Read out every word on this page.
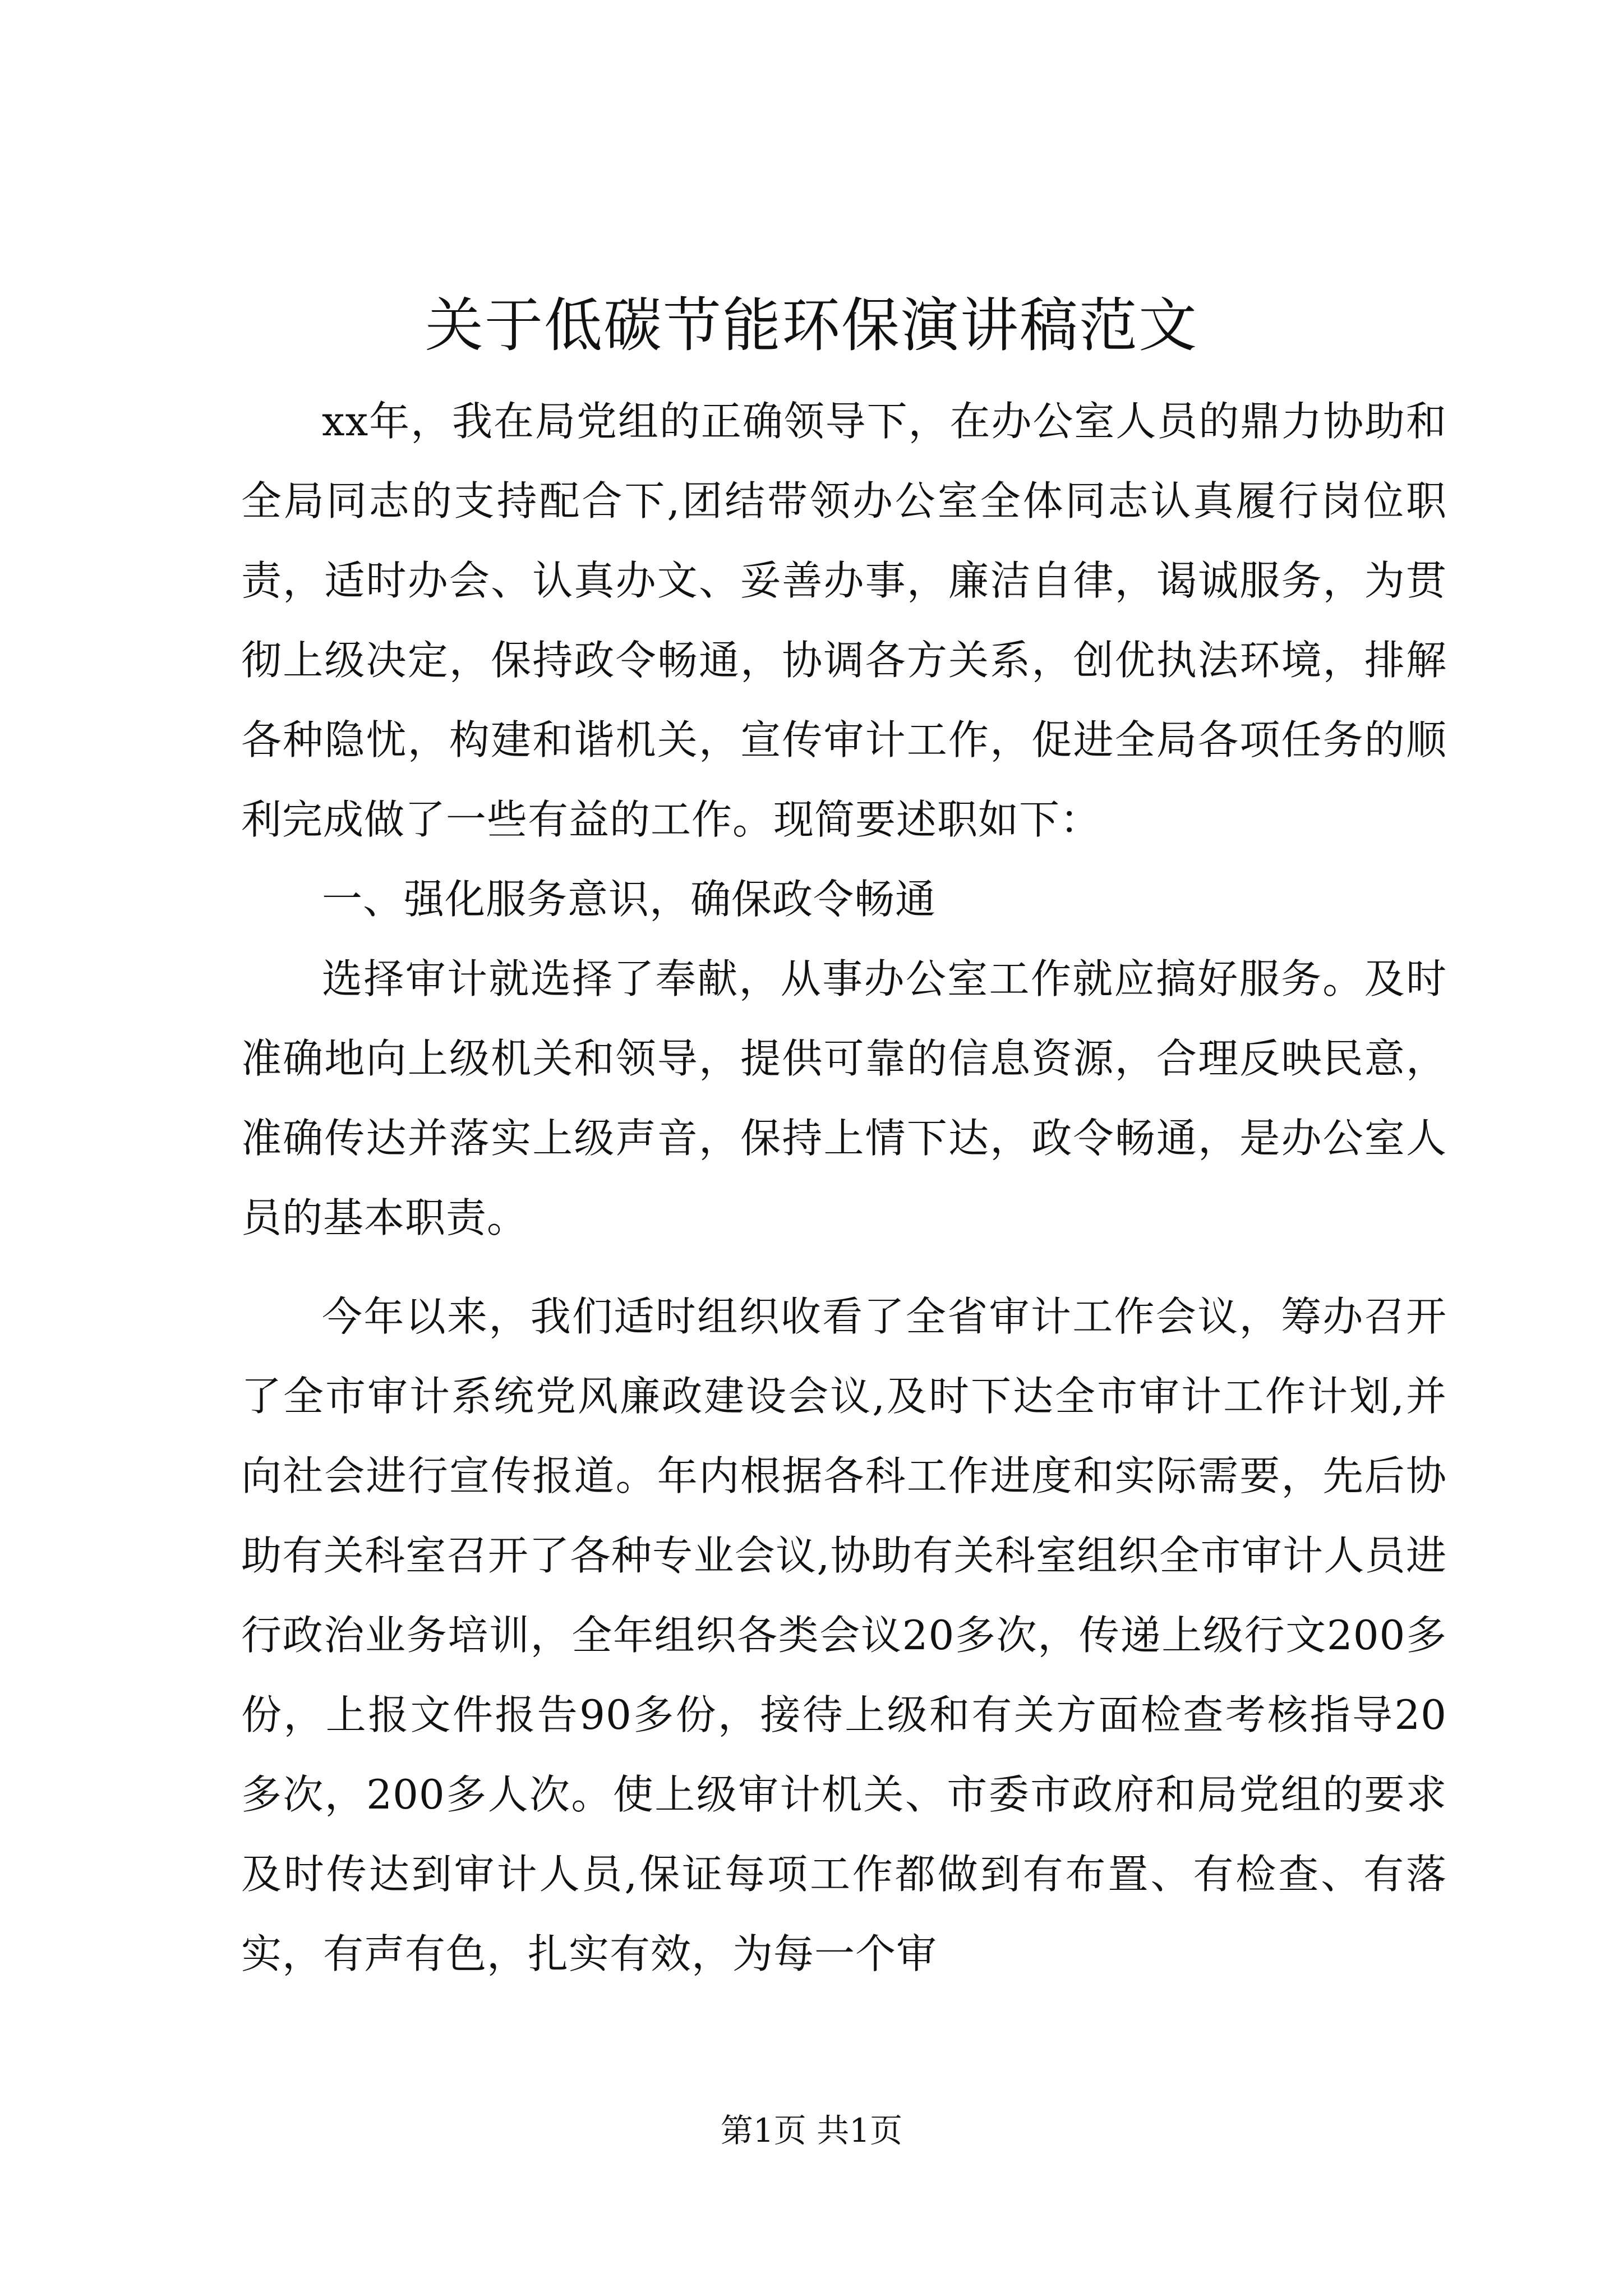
关于低碳节能环保演讲稿范文

xx年，我在局党组的正确领导下，在办公室人员的鼎力协助和全局同志的支持配合下,团结带领办公室全体同志认真履行岗位职责，适时办会、认真办文、妥善办事，廉洁自律，谒诚服务，为贯彻上级决定，保持政令畅通，协调各方关系，创优执法环境，排解各种隐忧，构建和谐机关，宣传审计工作，促进全局各项任务的顺利完成做了一些有益的工作。现简要述职如下：

一、强化服务意识，确保政令畅通

选择审计就选择了奉献，从事办公室工作就应搞好服务。及时准确地向上级机关和领导，提供可靠的信息资源，合理反映民意，准确传达并落实上级声音，保持上情下达，政令畅通，是办公室人员的基本职责。

今年以来，我们适时组织收看了全省审计工作会议，筹办召开了全市审计系统党风廉政建设会议,及时下达全市审计工作计划,并向社会进行宣传报道。年内根据各科工作进度和实际需要，先后协助有关科室召开了各种专业会议,协助有关科室组织全市审计人员进行政治业务培训，全年组织各类会议20多次，传递上级行文200多份，上报文件报告90多份，接待上级和有关方面检查考核指导20多次，200多人次。使上级审计机关、市委市政府和局党组的要求及时传达到审计人员,保证每项工作都做到有布置、有检查、有落实，有声有色，扎实有效，为每一个审

第1页 共1页
